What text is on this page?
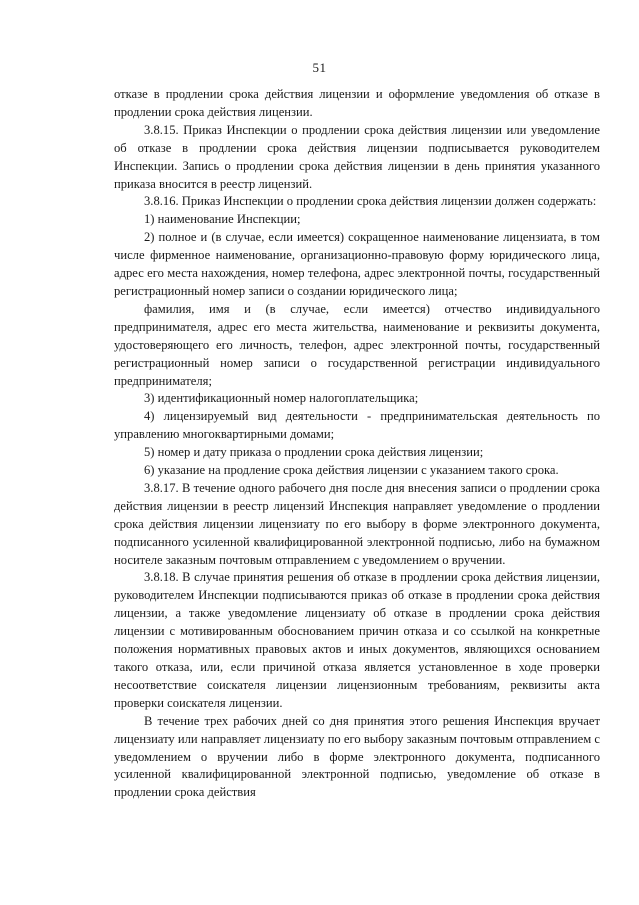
51

отказе в продлении срока действия лицензии и оформление уведомления об отказе в продлении срока действия лицензии.

3.8.15. Приказ Инспекции о продлении срока действия лицензии или уведомление об отказе в продлении срока действия лицензии подписывается руководителем Инспекции. Запись о продлении срока действия лицензии в день принятия указанного приказа вносится в реестр лицензий.

3.8.16. Приказ Инспекции о продлении срока действия лицензии должен содержать:

1) наименование Инспекции;

2) полное и (в случае, если имеется) сокращенное наименование лицензиата, в том числе фирменное наименование, организационно-правовую форму юридического лица, адрес его места нахождения, номер телефона, адрес электронной почты, государственный регистрационный номер записи о создании юридического лица;

фамилия, имя и (в случае, если имеется) отчество индивидуального предпринимателя, адрес его места жительства, наименование и реквизиты документа, удостоверяющего его личность, телефон, адрес электронной почты, государственный регистрационный номер записи о государственной регистрации индивидуального предпринимателя;

3) идентификационный номер налогоплательщика;

4) лицензируемый вид деятельности - предпринимательская деятельность по управлению многоквартирными домами;

5) номер и дату приказа о продлении срока действия лицензии;

6) указание на продление срока действия лицензии с указанием такого срока.

3.8.17. В течение одного рабочего дня после дня внесения записи о продлении срока действия лицензии в реестр лицензий Инспекция направляет уведомление о продлении срока действия лицензии лицензиату по его выбору в форме электронного документа, подписанного усиленной квалифицированной электронной подписью, либо на бумажном носителе заказным почтовым отправлением с уведомлением о вручении.

3.8.18. В случае принятия решения об отказе в продлении срока действия лицензии, руководителем Инспекции подписываются приказ об отказе в продлении срока действия лицензии, а также уведомление лицензиату об отказе в продлении срока действия лицензии с мотивированным обоснованием причин отказа и со ссылкой на конкретные положения нормативных правовых актов и иных документов, являющихся основанием такого отказа, или, если причиной отказа является установленное в ходе проверки несоответствие соискателя лицензии лицензионным требованиям, реквизиты акта проверки соискателя лицензии.

В течение трех рабочих дней со дня принятия этого решения Инспекция вручает лицензиату или направляет лицензиату по его выбору заказным почтовым отправлением с уведомлением о вручении либо в форме электронного документа, подписанного усиленной квалифицированной электронной подписью, уведомление об отказе в продлении срока действия
